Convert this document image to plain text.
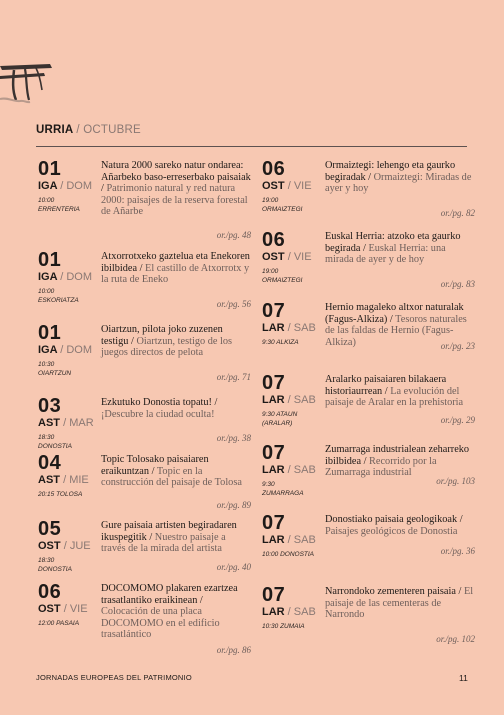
URRIA / OCTUBRE
01
IGA / DOM
10:00
ERRENTERIA
Natura 2000 sareko natur ondarea: Añarbeko baso-erreserbako paisaiak / Patrimonio natural y red natura 2000: paisajes de la reserva forestal de Añarbe
or./pg. 48
01
IGA / DOM
10:00
ESKORIATZA
Atxorrotxeko gaztelua eta Enekoren ibilbidea / El castillo de Atxorrotx y la ruta de Eneko
or./pg. 56
01
IGA / DOM
10:30
OIARTZUN
Oiartzun, pilota joko zuzenen testigu / Oiartzun, testigo de los juegos directos de pelota
or./pg. 71
03
AST / MAR
18:30
DONOSTIA
Ezkutuko Donostia topatu! / ¡Descubre la ciudad oculta!
or./pg. 38
04
AST / MIE
20:15 TOLOSA
Topic Tolosako paisaiaren eraikuntzan / Topic en la construcción del paisaje de Tolosa
or./pg. 89
05
OST / JUE
18:30
DONOSTIA
Gure paisaia artisten begiradaren ikuspegitik / Nuestro paisaje a través de la mirada del artista
or./pg. 40
06
OST / VIE
12:00 PASAIA
DOCOMOMO plakaren ezartzea trasatlantiko eraikinean / Colocación de una placa DOCOMOMO en el edificio trasatlántico
or./pg. 86
06
OST / VIE
19:00
ORMAIZTEGI
Ormaiztegi: lehengo eta gaurko begiradak / Ormaiztegi: Miradas de ayer y hoy
or./pg. 82
06
OST / VIE
19:00
ORMAIZTEGI
Euskal Herria: atzoko eta gaurko begirada / Euskal Herria: una mirada de ayer y de hoy
or./pg. 83
07
LAR / SAB
9:30 ALKIZA
Hernio magaleko altxor naturalak (Fagus-Alkiza) / Tesoros naturales de las faldas de Hernio (Fagus-Alkiza)	or./pg. 23
07
LAR / SAB
9:30 ATAUN
(ARALAR)
Aralarko paisaiaren bilakaera historiaurrean / La evolución del paisaje de Aralar en la prehistoria
or./pg. 29
07
LAR / SAB
9:30
ZUMARRAGA
Zumarraga industrialean zeharreko ibilbidea / Recorrido por la Zumarraga industrial
or./pg. 103
07
LAR / SAB
10:00 DONOSTIA
Donostiako paisaia geologikoak / Paisajes geológicos de Donostia
or./pg. 36
07
LAR / SAB
10:30 ZUMAIA
Narrondoko zementeren paisaia / El paisaje de las cementeras de Narrondo
or./pg. 102
JORNADAS EUROPEAS DEL PATRIMONIO	11
